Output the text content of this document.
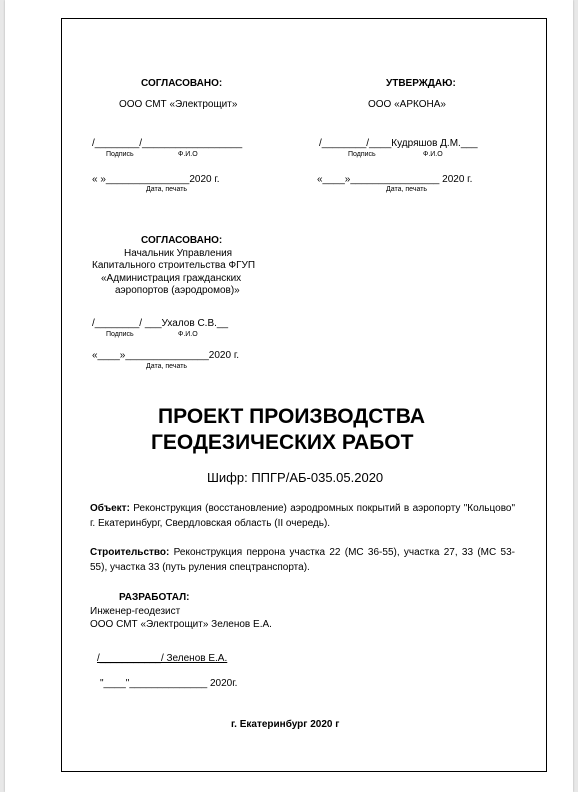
СОГЛАСОВАНО:
ООО СМТ «Электрощит»
/________/__________________
Подпись	Ф.И.О
« »_______________2020 г.
Дата, печать
УТВЕРЖДАЮ:
ООО «АРКОНА»
/________/____Кудряшов Д.М.___
Подпись	Ф.И.О
«____»________________ 2020 г.
Дата, печать
СОГЛАСОВАНО:
Начальник Управления
Капитального строительства ФГУП
«Администрация гражданских
аэропортов (аэродромов)»
/________/ ___Ухалов С.В.__
Подпись	Ф.И.О
«____»_______________2020 г.
Дата, печать
ПРОЕКТ ПРОИЗВОДСТВА
ГЕОДЕЗИЧЕСКИХ РАБОТ
Шифр: ППГР/АБ-035.05.2020
Объект: Реконструкция (восстановление) аэродромных покрытий в аэропорту "Кольцово" г. Екатеринбург, Свердловская область (II очередь).
Строительство: Реконструкция перрона участка 22 (МС 36-55), участка 27, 33 (МС 53-55), участка 33 (путь руления спецтранспорта).
РАЗРАБОТАЛ:
Инженер-геодезист
ООО СМТ «Электрощит» Зеленов Е.А.
/___________/ Зеленов Е.А.
"____"______________ 2020г.
г. Екатеринбург 2020 г
